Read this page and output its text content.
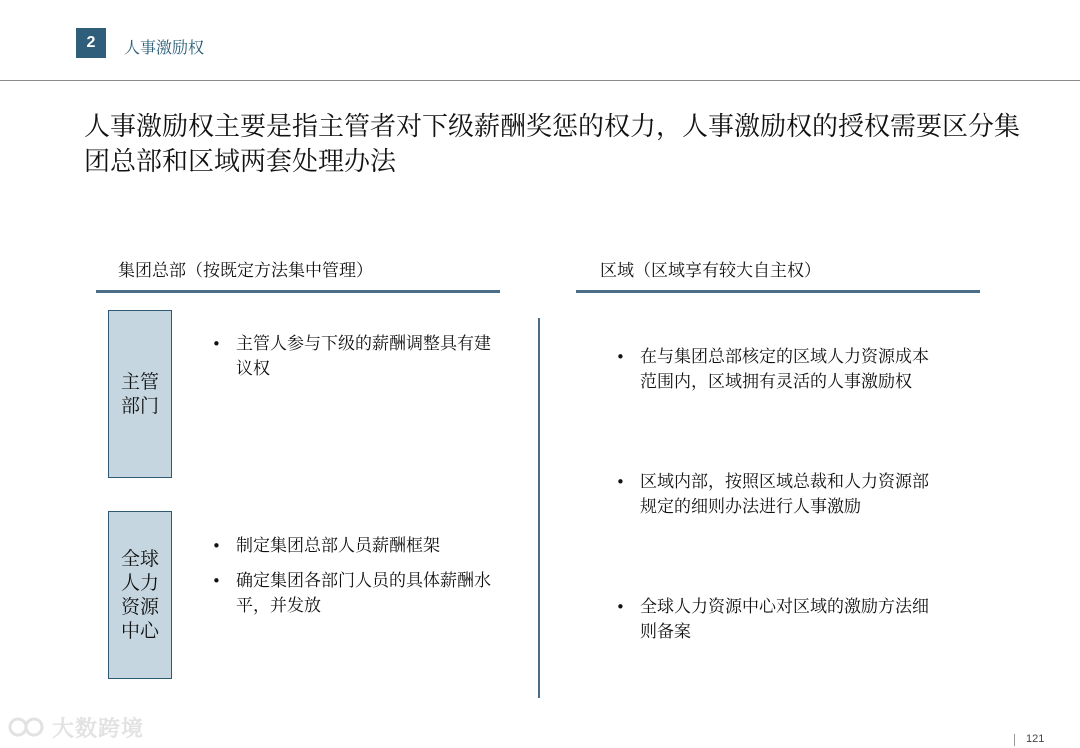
2	人事激励权
人事激励权主要是指主管者对下级薪酬奖惩的权力，人事激励权的授权需要区分集团总部和区域两套处理办法
集团总部（按既定方法集中管理）	区域（区域享有较大自主权）
主管部门
• 主管人参与下级的薪酬调整具有建议权
全球人力资源中心
• 制定集团总部人员薪酬框架
• 确定集团各部门人员的具体薪酬水平，并发放
• 在与集团总部核定的区域人力资源成本范围内，区域拥有灵活的人事激励权
• 区域内部，按照区域总裁和人力资源部规定的细则办法进行人事激励
• 全球人力资源中心对区域的激励方法细则备案
大数跨境	121
